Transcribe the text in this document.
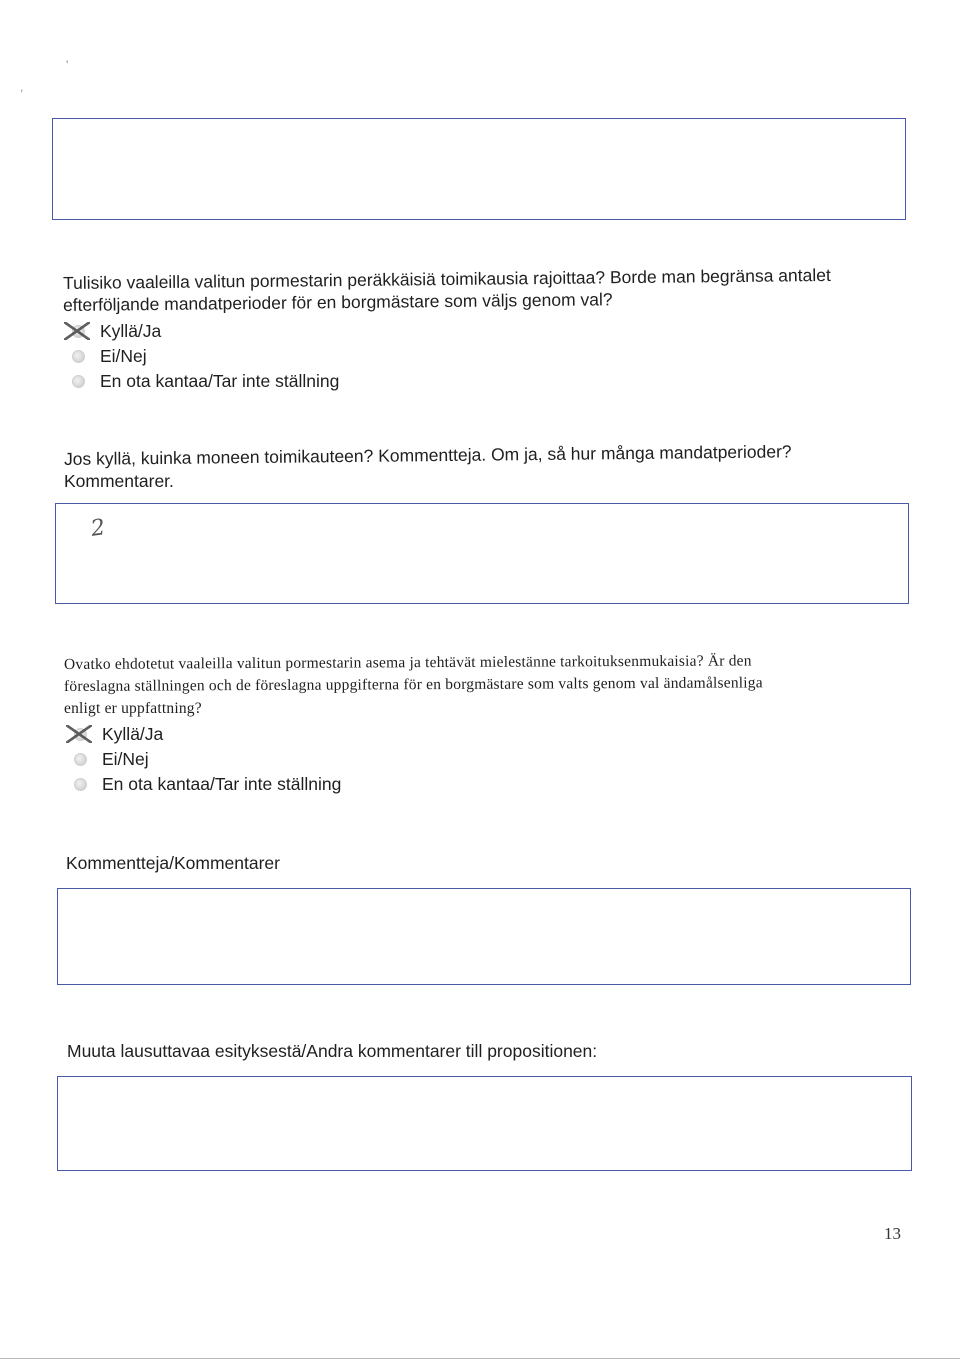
'
,
Tulisiko vaaleilla valitun pormestarin peräkkäisiä toimikausia rajoittaa? Borde man begränsa antalet
efterföljande mandatperioder för en borgmästare som väljs genom val?
Kyllä/Ja
Ei/Nej
En ota kantaa/Tar inte ställning
Jos kyllä, kuinka moneen toimikauteen? Kommentteja. Om ja, så hur många mandatperioder?
Kommentarer.
2
Ovatko ehdotetut vaaleilla valitun pormestarin asema ja tehtävät mielestänne tarkoituksenmukaisia? Är den
föreslagna ställningen och de föreslagna uppgifterna för en borgmästare som valts genom val ändamålsenliga
enligt er uppfattning?
Kyllä/Ja
Ei/Nej
En ota kantaa/Tar inte ställning
Kommentteja/Kommentarer
Muuta lausuttavaa esityksestä/Andra kommentarer till propositionen:
13
